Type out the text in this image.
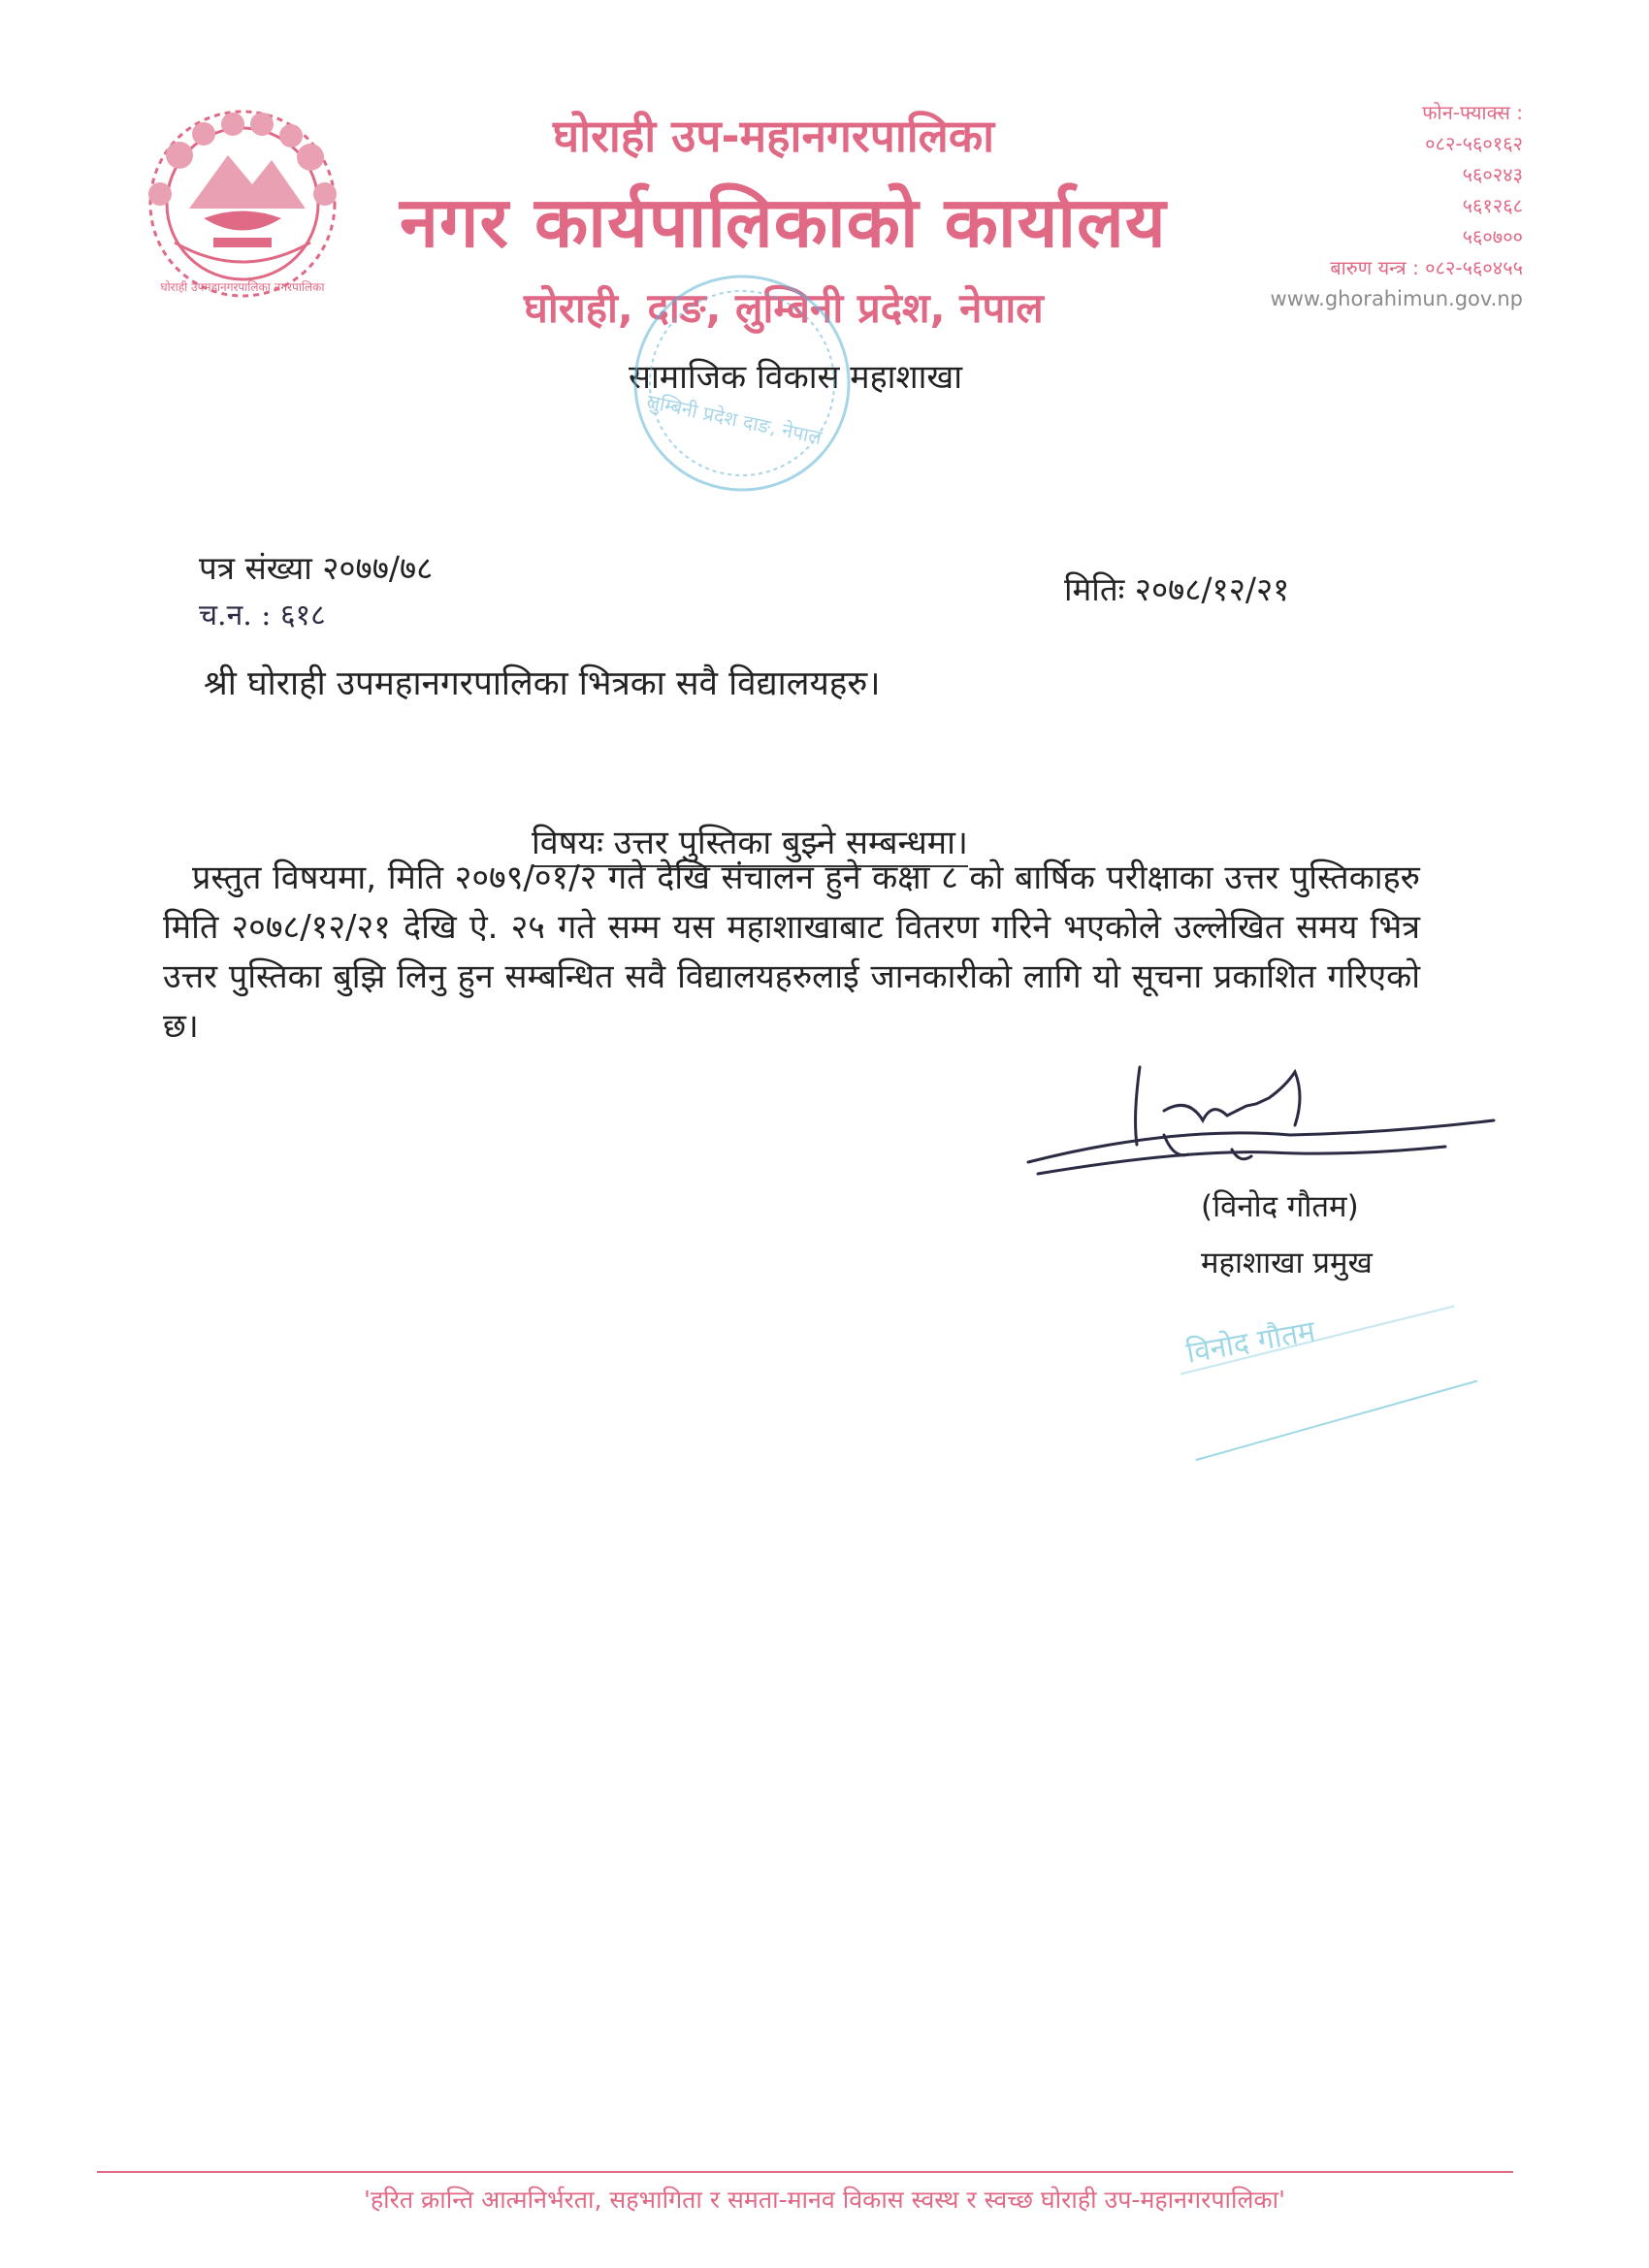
घोराही उपमहानगरपालिका नगरपालिका
घोराही उप-महानगरपालिका
नगर कार्यपालिकाको कार्यालय
घोराही, दाङ, लुम्बिनी प्रदेश, नेपाल
सामाजिक विकास महाशाखा
फोन-फ्याक्स :
०८२-५६०१६२
५६०२४३
५६१२६८
५६०७००
बारुण यन्त्र : ०८२-५६०४५५
www.ghorahimun.gov.np
लुम्बिनी प्रदेश दाङ, नेपाल
पत्र संख्या २०७७/७८
च.न. : ६१८
मितिः २०७८/१२/२१
श्री घोराही उपमहानगरपालिका भित्रका सवै विद्यालयहरु।
विषयः उत्तर पुस्तिका बुझ्ने सम्बन्धमा।
प्रस्तुत विषयमा, मिति २०७९/०१/२ गते देखि संचालन हुने कक्षा ८ को बार्षिक परीक्षाका उत्तर पुस्तिकाहरु मिति २०७८/१२/२१ देखि ऐ. २५ गते सम्म यस महाशाखाबाट वितरण गरिने भएकोले उल्लेखित समय भित्र उत्तर पुस्तिका बुझि लिनु हुन सम्बन्धित सवै विद्यालयहरुलाई जानकारीको लागि यो सूचना प्रकाशित गरिएको छ।
(विनोद गौतम)
महाशाखा प्रमुख
विनोद गौतम
'हरित क्रान्ति आत्मनिर्भरता, सहभागिता र समता-मानव विकास स्वस्थ र स्वच्छ घोराही उप-महानगरपालिका'
